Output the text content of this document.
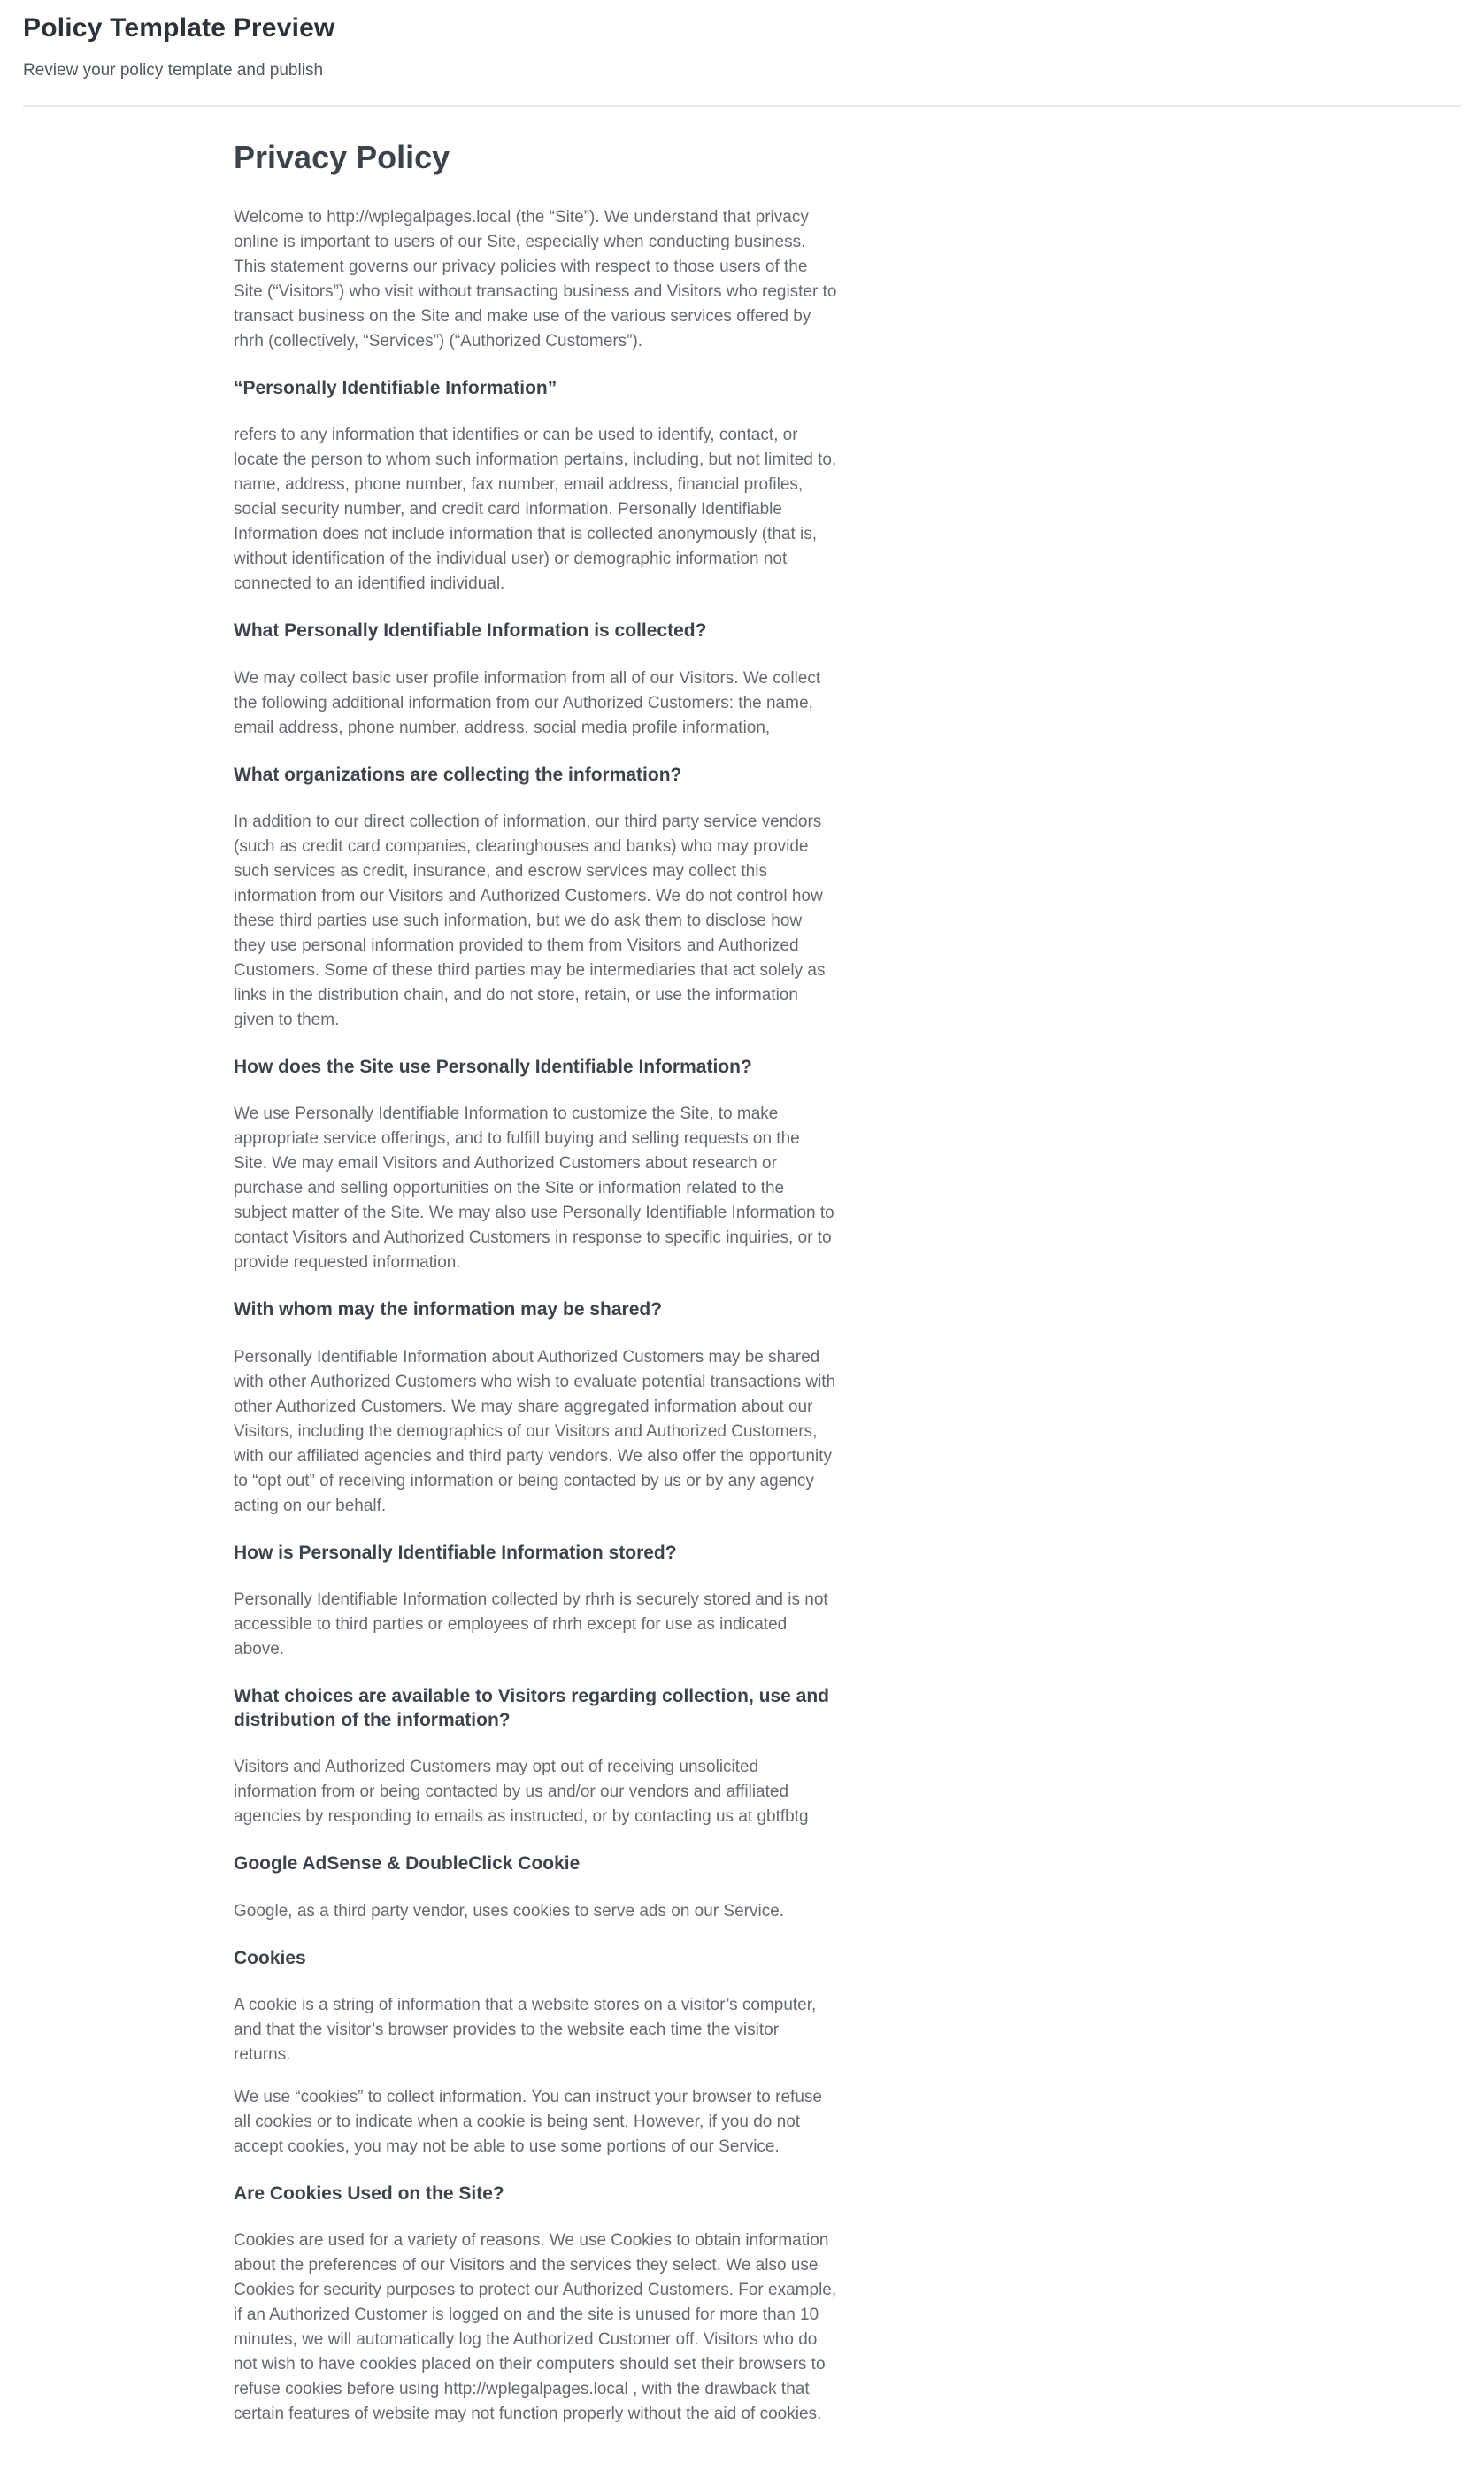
Policy Template Preview
Review your policy template and publish
Privacy Policy

Welcome to http://wplegalpages.local (the “Site”). We understand that privacy online is important to users of our Site, especially when conducting business. This statement governs our privacy policies with respect to those users of the Site (“Visitors”) who visit without transacting business and Visitors who register to transact business on the Site and make use of the various services offered by rhrh (collectively, “Services”) (“Authorized Customers”).

“Personally Identifiable Information”

refers to any information that identifies or can be used to identify, contact, or locate the person to whom such information pertains, including, but not limited to, name, address, phone number, fax number, email address, financial profiles, social security number, and credit card information. Personally Identifiable Information does not include information that is collected anonymously (that is, without identification of the individual user) or demographic information not connected to an identified individual.

What Personally Identifiable Information is collected?

We may collect basic user profile information from all of our Visitors. We collect the following additional information from our Authorized Customers: the name, email address, phone number, address, social media profile information,

What organizations are collecting the information?

In addition to our direct collection of information, our third party service vendors (such as credit card companies, clearinghouses and banks) who may provide such services as credit, insurance, and escrow services may collect this information from our Visitors and Authorized Customers. We do not control how these third parties use such information, but we do ask them to disclose how they use personal information provided to them from Visitors and Authorized Customers. Some of these third parties may be intermediaries that act solely as links in the distribution chain, and do not store, retain, or use the information given to them.

How does the Site use Personally Identifiable Information?

We use Personally Identifiable Information to customize the Site, to make appropriate service offerings, and to fulfill buying and selling requests on the Site. We may email Visitors and Authorized Customers about research or purchase and selling opportunities on the Site or information related to the subject matter of the Site. We may also use Personally Identifiable Information to contact Visitors and Authorized Customers in response to specific inquiries, or to provide requested information.

With whom may the information may be shared?

Personally Identifiable Information about Authorized Customers may be shared with other Authorized Customers who wish to evaluate potential transactions with other Authorized Customers. We may share aggregated information about our Visitors, including the demographics of our Visitors and Authorized Customers, with our affiliated agencies and third party vendors. We also offer the opportunity to “opt out” of receiving information or being contacted by us or by any agency acting on our behalf.

How is Personally Identifiable Information stored?

Personally Identifiable Information collected by rhrh is securely stored and is not accessible to third parties or employees of rhrh except for use as indicated above.

What choices are available to Visitors regarding collection, use and distribution of the information?

Visitors and Authorized Customers may opt out of receiving unsolicited information from or being contacted by us and/or our vendors and affiliated agencies by responding to emails as instructed, or by contacting us at gbtfbtg

Google AdSense & DoubleClick Cookie

Google, as a third party vendor, uses cookies to serve ads on our Service.

Cookies

A cookie is a string of information that a website stores on a visitor’s computer, and that the visitor’s browser provides to the website each time the visitor returns.

We use “cookies” to collect information. You can instruct your browser to refuse all cookies or to indicate when a cookie is being sent. However, if you do not accept cookies, you may not be able to use some portions of our Service.

Are Cookies Used on the Site?

Cookies are used for a variety of reasons. We use Cookies to obtain information about the preferences of our Visitors and the services they select. We also use Cookies for security purposes to protect our Authorized Customers. For example, if an Authorized Customer is logged on and the site is unused for more than 10 minutes, we will automatically log the Authorized Customer off. Visitors who do not wish to have cookies placed on their computers should set their browsers to refuse cookies before using http://wplegalpages.local , with the drawback that certain features of website may not function properly without the aid of cookies.
